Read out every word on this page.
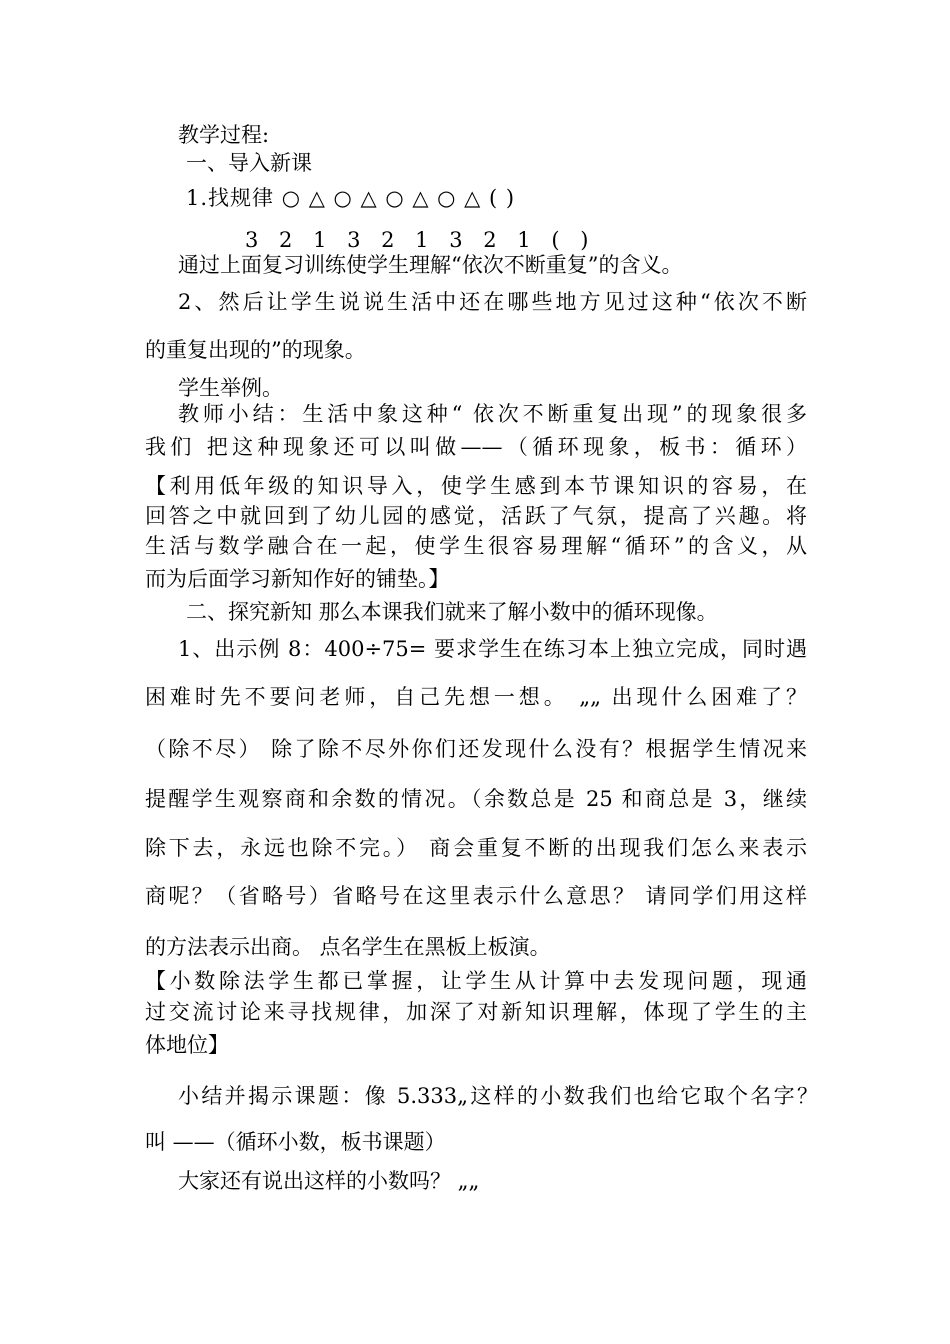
教学过程:
一、导入新课
1.找规律 ○ △ ○ △ ○ △ ○ △ ( )
3 2 1 3 2 1 3 2 1 ( )
通过上面复习训练使学生理解“依次不断重复”的含义。
2、然后让学生说说生活中还在哪些地方见过这种“依次不断
的重复出现的”的现象。
学生举例。
教师小结：生活中象这种“ 依次不断重复出现”的现象很多
我们 把这种现象还可以叫做——（循环现象，板书：循环）
【利用低年级的知识导入，使学生感到本节课知识的容易，在
回答之中就回到了幼儿园的感觉，活跃了气氛，提高了兴趣。将
生活与数学融合在一起，使学生很容易理解“循环”的含义，从
而为后面学习新知作好的铺垫。】
二、探究新知 那么本课我们就来了解小数中的循环现像。
1、出示例 8：400÷75= 要求学生在练习本上独立完成，同时遇
困难时先不要问老师，自己先想一想。 „„ 出现什么困难了？
（除不尽） 除了除不尽外你们还发现什么没有？根据学生情况来
提醒学生观察商和余数的情况。（余数总是 25 和商总是 3，继续
除下去，永远也除不完。） 商会重复不断的出现我们怎么来表示
商呢？（省略号）省略号在这里表示什么意思？ 请同学们用这样
的方法表示出商。 点名学生在黑板上板演。
【小数除法学生都已掌握，让学生从计算中去发现问题，现通
过交流讨论来寻找规律，加深了对新知识理解，体现了学生的主
体地位】
小结并揭示课题：像 5.333„这样的小数我们也给它取个名字？
叫 ——（循环小数，板书课题）
大家还有说出这样的小数吗？ „„
